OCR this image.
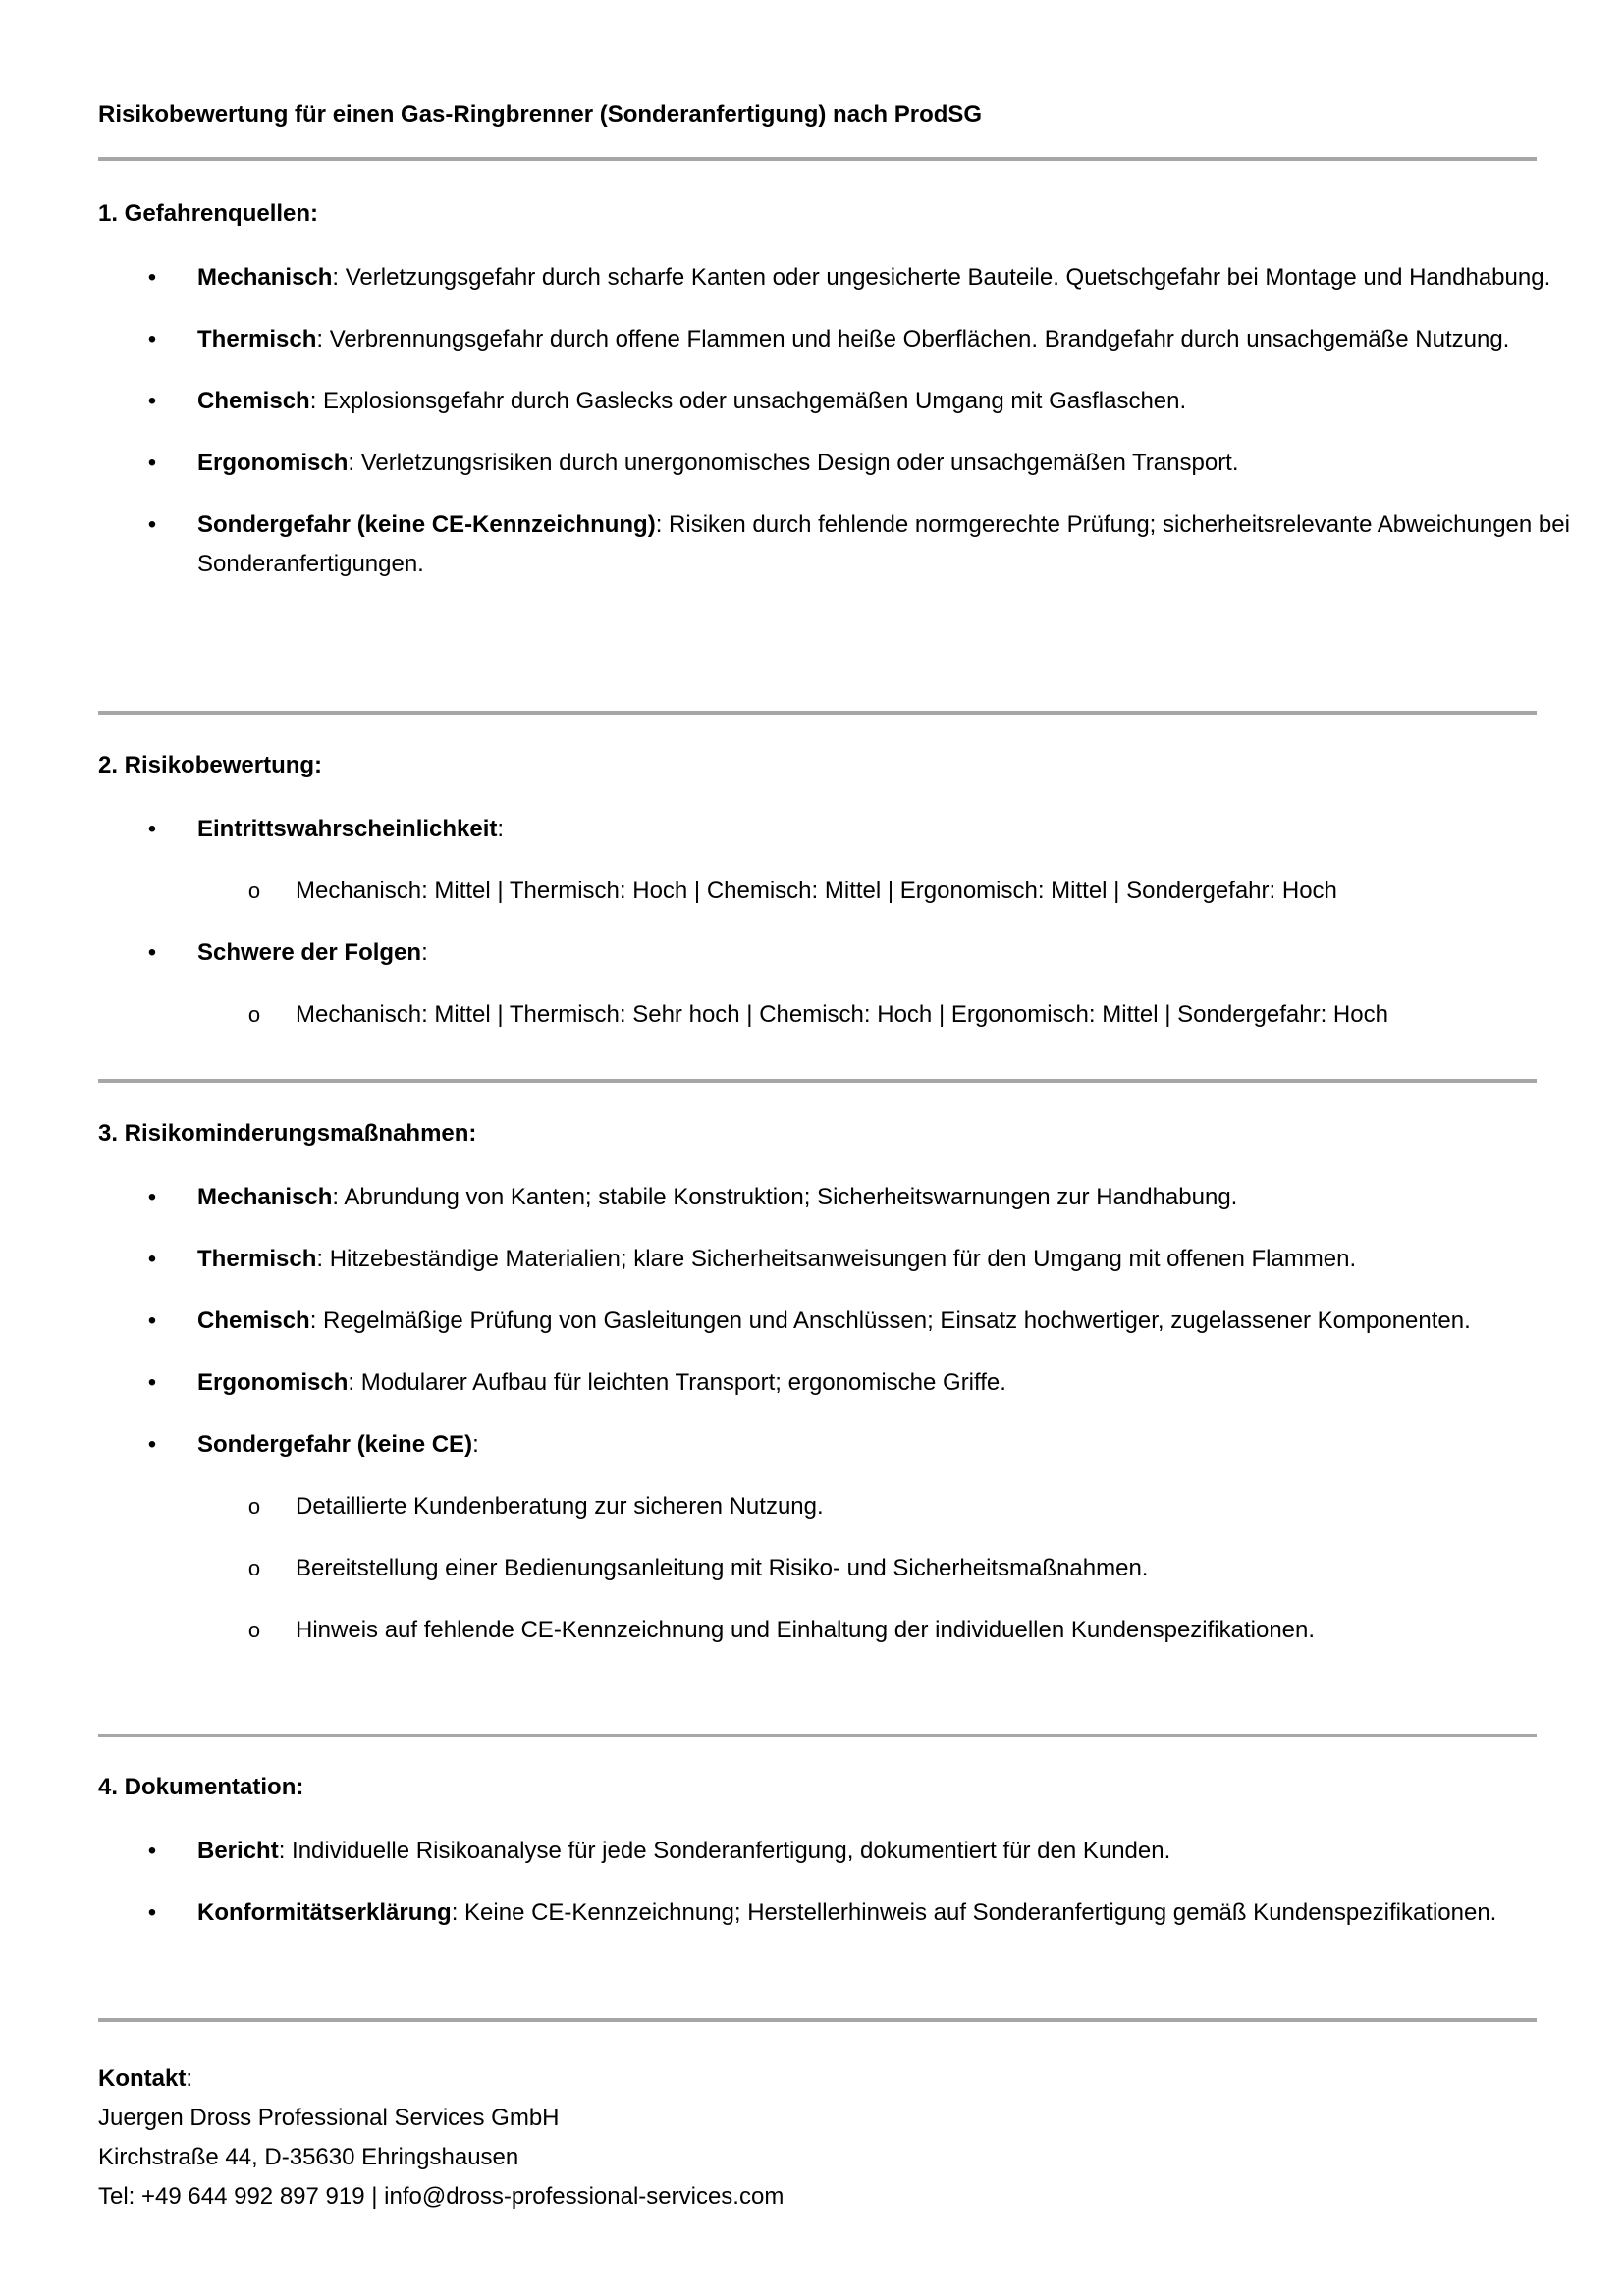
Risikobewertung für einen Gas-Ringbrenner (Sonderanfertigung) nach ProdSG
1. Gefahrenquellen:
• Mechanisch: Verletzungsgefahr durch scharfe Kanten oder ungesicherte Bauteile. Quetschgefahr bei Montage und Handhabung.
• Thermisch: Verbrennungsgefahr durch offene Flammen und heiße Oberflächen. Brandgefahr durch unsachgemäße Nutzung.
• Chemisch: Explosionsgefahr durch Gaslecks oder unsachgemäßen Umgang mit Gasflaschen.
• Ergonomisch: Verletzungsrisiken durch unergonomisches Design oder unsachgemäßen Transport.
• Sondergefahr (keine CE-Kennzeichnung): Risiken durch fehlende normgerechte Prüfung; sicherheitsrelevante Abweichungen bei Sonderanfertigungen.
2. Risikobewertung:
• Eintrittswahrscheinlichkeit:
o Mechanisch: Mittel | Thermisch: Hoch | Chemisch: Mittel | Ergonomisch: Mittel | Sondergefahr: Hoch
• Schwere der Folgen:
o Mechanisch: Mittel | Thermisch: Sehr hoch | Chemisch: Hoch | Ergonomisch: Mittel | Sondergefahr: Hoch
3. Risikominderungsmaßnahmen:
• Mechanisch: Abrundung von Kanten; stabile Konstruktion; Sicherheitswarnungen zur Handhabung.
• Thermisch: Hitzebeständige Materialien; klare Sicherheitsanweisungen für den Umgang mit offenen Flammen.
• Chemisch: Regelmäßige Prüfung von Gasleitungen und Anschlüssen; Einsatz hochwertiger, zugelassener Komponenten.
• Ergonomisch: Modularer Aufbau für leichten Transport; ergonomische Griffe.
• Sondergefahr (keine CE):
o Detaillierte Kundenberatung zur sicheren Nutzung.
o Bereitstellung einer Bedienungsanleitung mit Risiko- und Sicherheitsmaßnahmen.
o Hinweis auf fehlende CE-Kennzeichnung und Einhaltung der individuellen Kundenspezifikationen.
4. Dokumentation:
• Bericht: Individuelle Risikoanalyse für jede Sonderanfertigung, dokumentiert für den Kunden.
• Konformitätserklärung: Keine CE-Kennzeichnung; Herstellerhinweis auf Sonderanfertigung gemäß Kundenspezifikationen.
Kontakt:
Juergen Dross Professional Services GmbH
Kirchstraße 44, D-35630 Ehringshausen
Tel: +49 644 992 897 919 | info@dross-professional-services.com
